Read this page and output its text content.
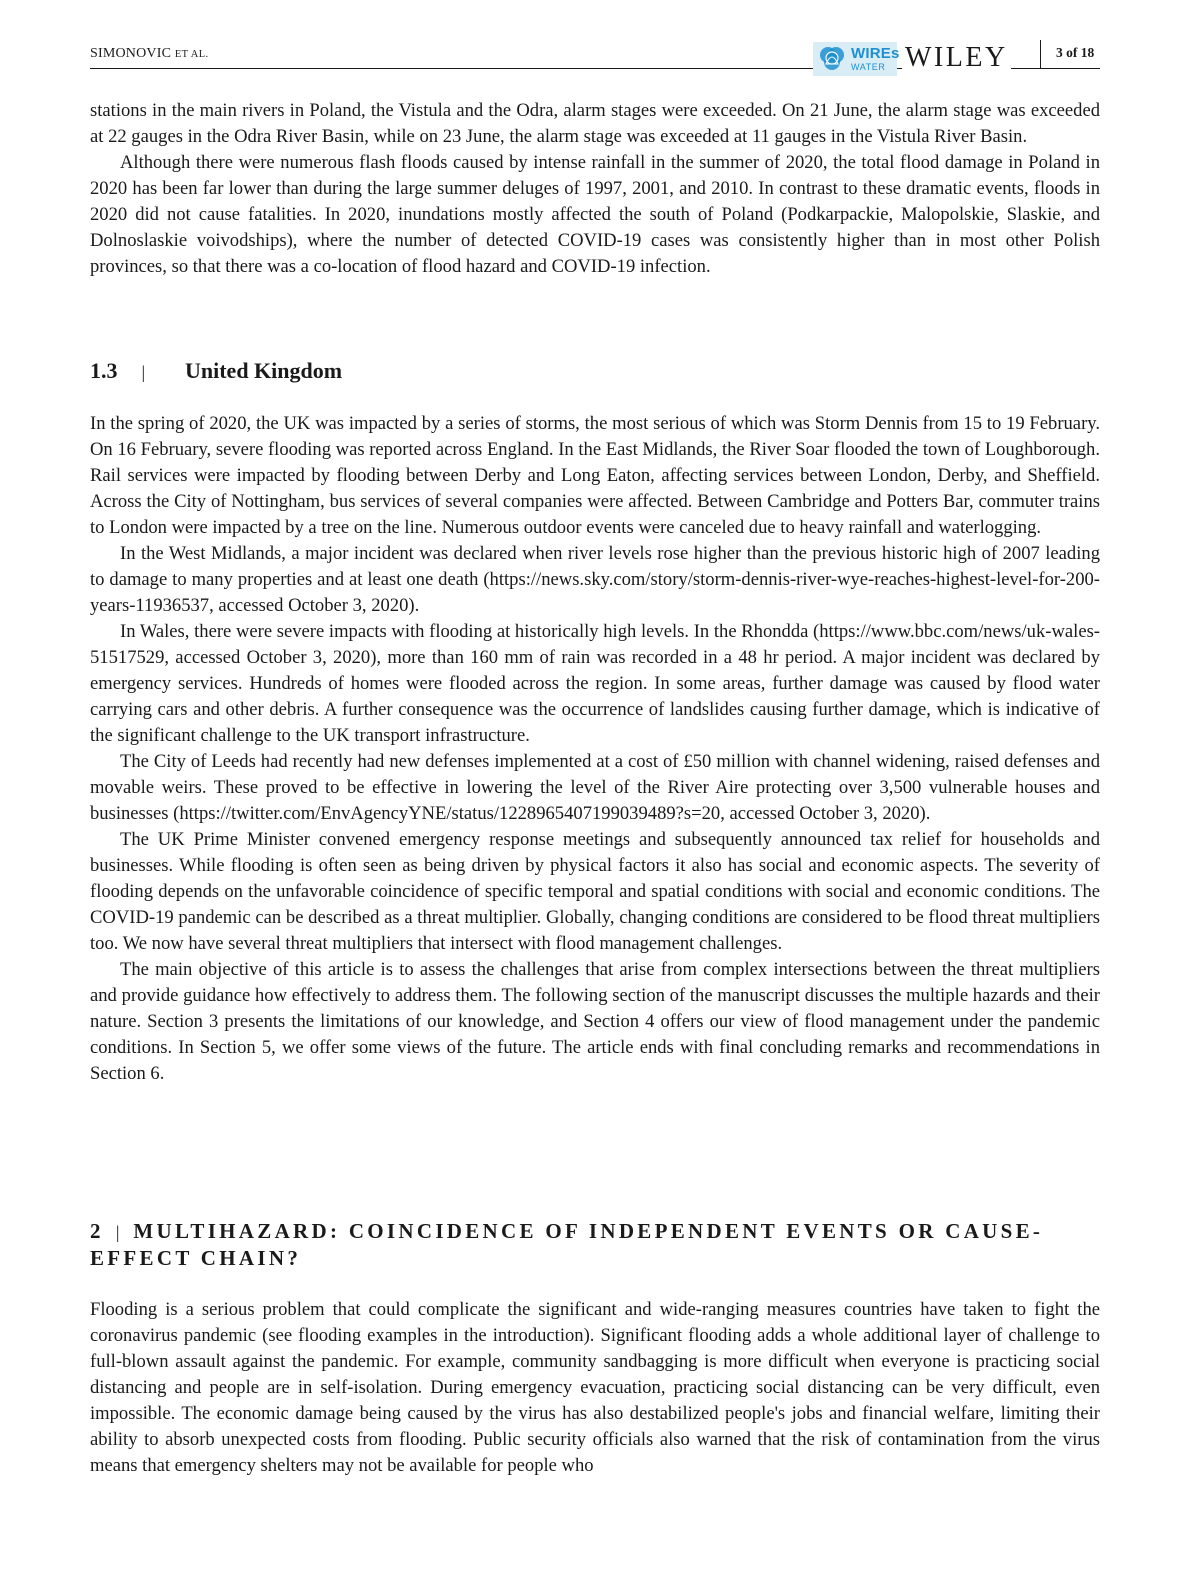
SIMONOVIC ET AL.	WIREs
WATER WILEY	3 of 18

stations in the main rivers in Poland, the Vistula and the Odra, alarm stages were exceeded. On 21 June, the alarm stage was exceeded at 22 gauges in the Odra River Basin, while on 23 June, the alarm stage was exceeded at 11 gauges in the Vistula River Basin.

Although there were numerous flash floods caused by intense rainfall in the summer of 2020, the total flood damage in Poland in 2020 has been far lower than during the large summer deluges of 1997, 2001, and 2010. In contrast to these dramatic events, floods in 2020 did not cause fatalities. In 2020, inundations mostly affected the south of Poland (Podkarpackie, Malopolskie, Slaskie, and Dolnoslaskie voivodships), where the number of detected COVID-19 cases was consistently higher than in most other Polish provinces, so that there was a co-location of flood hazard and COVID-19 infection.

1.3 | United Kingdom

In the spring of 2020, the UK was impacted by a series of storms, the most serious of which was Storm Dennis from 15 to 19 February. On 16 February, severe flooding was reported across England. In the East Midlands, the River Soar flooded the town of Loughborough. Rail services were impacted by flooding between Derby and Long Eaton, affecting services between London, Derby, and Sheffield. Across the City of Nottingham, bus services of several companies were affected. Between Cambridge and Potters Bar, commuter trains to London were impacted by a tree on the line. Numerous outdoor events were canceled due to heavy rainfall and waterlogging.

In the West Midlands, a major incident was declared when river levels rose higher than the previous historic high of 2007 leading to damage to many properties and at least one death (https://news.sky.com/story/storm-dennis-river-wye-reaches-highest-level-for-200-years-11936537, accessed October 3, 2020).

In Wales, there were severe impacts with flooding at historically high levels. In the Rhondda (https://www.bbc.com/news/uk-wales-51517529, accessed October 3, 2020), more than 160 mm of rain was recorded in a 48 hr period. A major incident was declared by emergency services. Hundreds of homes were flooded across the region. In some areas, further damage was caused by flood water carrying cars and other debris. A further consequence was the occurrence of landslides causing further damage, which is indicative of the significant challenge to the UK transport infrastructure.

The City of Leeds had recently had new defenses implemented at a cost of £50 million with channel widening, raised defenses and movable weirs. These proved to be effective in lowering the level of the River Aire protecting over 3,500 vulnerable houses and businesses (https://twitter.com/EnvAgencyYNE/status/1228965407199039489?s=20, accessed October 3, 2020).

The UK Prime Minister convened emergency response meetings and subsequently announced tax relief for households and businesses. While flooding is often seen as being driven by physical factors it also has social and economic aspects. The severity of flooding depends on the unfavorable coincidence of specific temporal and spatial conditions with social and economic conditions. The COVID-19 pandemic can be described as a threat multiplier. Globally, changing conditions are considered to be flood threat multipliers too. We now have several threat multipliers that intersect with flood management challenges.

The main objective of this article is to assess the challenges that arise from complex intersections between the threat multipliers and provide guidance how effectively to address them. The following section of the manuscript discusses the multiple hazards and their nature. Section 3 presents the limitations of our knowledge, and Section 4 offers our view of flood management under the pandemic conditions. In Section 5, we offer some views of the future. The article ends with final concluding remarks and recommendations in Section 6.

2 | MULTIHAZARD: COINCIDENCE OF INDEPENDENT EVENTS OR CAUSE-EFFECT CHAIN?

Flooding is a serious problem that could complicate the significant and wide-ranging measures countries have taken to fight the coronavirus pandemic (see flooding examples in the introduction). Significant flooding adds a whole additional layer of challenge to full-blown assault against the pandemic. For example, community sandbagging is more difficult when everyone is practicing social distancing and people are in self-isolation. During emergency evacuation, practicing social distancing can be very difficult, even impossible. The economic damage being caused by the virus has also destabilized people's jobs and financial welfare, limiting their ability to absorb unexpected costs from flooding. Public security officials also warned that the risk of contamination from the virus means that emergency shelters may not be available for people who
